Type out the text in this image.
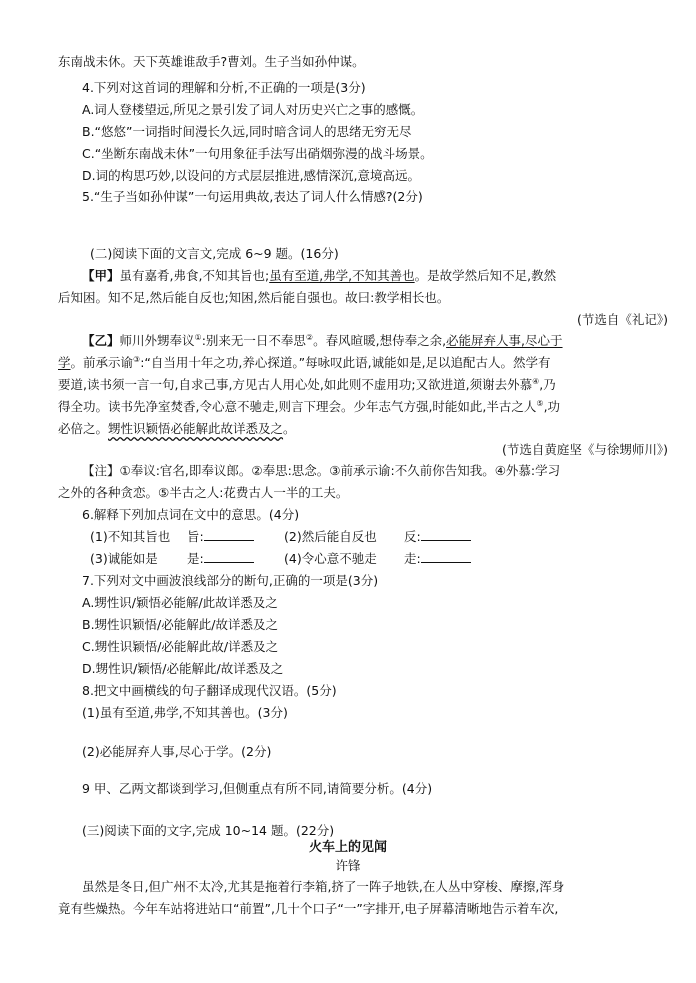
东南战未休。天下英雄谁敌手?曹刘。生子当如孙仲谋。
4.下列对这首词的理解和分析,不正确的一项是(3分)
A.词人登楼望远,所见之景引发了词人对历史兴亡之事的感慨。
B.“悠悠”一词指时间漫长久远,同时暗含词人的思绪无穷无尽
C.“坐断东南战未休”一句用象征手法写出硝烟弥漫的战斗场景。
D.词的构思巧妙,以设问的方式层层推进,感情深沉,意境高远。
5.“生子当如孙仲谋”一句运用典故,表达了词人什么情感?(2分)
(二)阅读下面的文言文,完成 6~9 题。(16分)
【甲】虽有嘉肴,弗食,不知其旨也;虽有至道,弗学,不知其善也。是故学然后知不足,教然
后知困。知不足,然后能自反也;知困,然后能自强也。故曰:教学相长也。
(节选自《礼记》)
【乙】师川外甥奉议①:别来无一日不奉思②。春风暄暖,想侍奉之余,必能屏弃人事,尽心于
学。前承示谕③:“自当用十年之功,养心探道。”每咏叹此语,诚能如是,足以追配古人。然学有
要道,读书须一言一句,自求己事,方见古人用心处,如此则不虚用功;又欲进道,须谢去外慕④,乃
得全功。读书先净室焚香,令心意不驰走,则言下理会。少年志气方强,时能如此,半古之人⑤,功
必倍之。甥性识颖悟必能解此故详悉及之。
(节选自黄庭坚《与徐甥师川》)
【注】①奉议:官名,即奉议郎。②奉思:思念。③前承示谕:不久前你告知我。④外慕:学习
之外的各种贪恋。⑤半古之人:花费古人一半的工夫。
6.解释下列加点词在文中的意思。(4分)
(1)不知其旨也 旨:	(2)然后能自反也 反:
(3)诚能如是 是:	(4)令心意不驰走 走:
7.下列对文中画波浪线部分的断句,正确的一项是(3分)
A.甥性识/颖悟必能解/此故详悉及之
B.甥性识颖悟/必能解此/故详悉及之
C.甥性识颖悟/必能解此故/详悉及之
D.甥性识/颖悟/必能解此/故详悉及之
8.把文中画横线的句子翻译成现代汉语。(5分)
(1)虽有至道,弗学,不知其善也。(3分)
(2)必能屏弃人事,尽心于学。(2分)
9 甲、乙两文都谈到学习,但侧重点有所不同,请简要分析。(4分)
(三)阅读下面的文字,完成 10~14 题。(22分)
火车上的见闻
许锋
虽然是冬日,但广州不太冷,尤其是拖着行李箱,挤了一阵子地铁,在人丛中穿梭、摩擦,浑身
竟有些燥热。今年车站将进站口“前置”,几十个口子“一”字排开,电子屏幕清晰地告示着车次,
